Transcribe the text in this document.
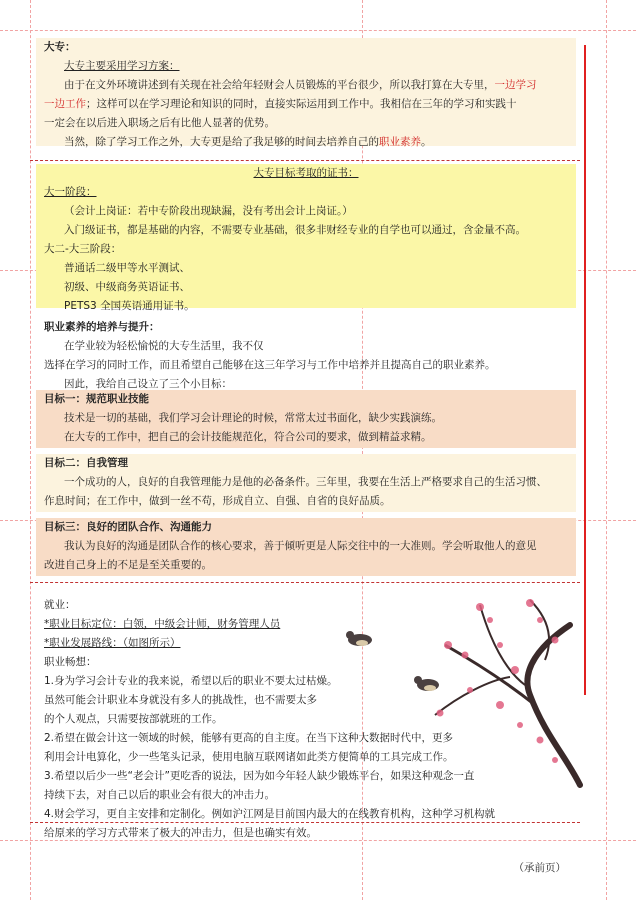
大专：
大专主要采用学习方案：
由于在文外环境讲述到有关现在社会给年轻财会人员锻炼的平台很少，所以我打算在大专里，一边学习
一边工作；这样可以在学习理论和知识的同时，直接实际运用到工作中。我相信在三年的学习和实践十
一定会在以后进入职场之后有比他人显著的优势。
当然，除了学习工作之外，大专更是给了我足够的时间去培养自己的职业素养。
大专目标考取的证书：
大一阶段：
（会计上岗证：若中专阶段出现缺漏，没有考出会计上岗证。）
入门级证书，都是基础的内容，不需要专业基础，很多非财经专业的自学也可以通过，含金量不高。
大二-大三阶段：
普通话二级甲等水平测试、
初级、中级商务英语证书、
PETS3 全国英语通用证书。
职业素养的培养与提升：
在学业较为轻松愉悦的大专生活里，我不仅
选择在学习的同时工作，而且希望自己能够在这三年学习与工作中培养并且提高自己的职业素养。
因此，我给自己设立了三个小目标：
目标一：规范职业技能
技术是一切的基础，我们学习会计理论的时候，常常太过书面化，缺少实践演练。
在大专的工作中，把自己的会计技能规范化，符合公司的要求，做到精益求精。
目标二：自我管理
一个成功的人，良好的自我管理能力是他的必备条件。三年里，我要在生活上严格要求自己的生活习惯、
作息时间；在工作中，做到一丝不苟，形成自立、自强、自省的良好品质。
目标三：良好的团队合作、沟通能力
我认为良好的沟通是团队合作的核心要求，善于倾听更是人际交往中的一大准则。学会听取他人的意见
改进自己身上的不足是至关重要的。
就业：
*职业目标定位：白领，中级会计师，财务管理人员
*职业发展路线：（如图所示）
职业畅想：
1.身为学习会计专业的我来说，希望以后的职业不要太过枯燥。
虽然可能会计职业本身就没有多人的挑战性，也不需要太多
的个人观点，只需要按部就班的工作。
2.希望在做会计这一领域的时候，能够有更高的自主度。在当下这种大数据时代中，更多
利用会计电算化，少一些笔头记录，使用电脑互联网诸如此类方便简单的工具完成工作。
3.希望以后少一些“老会计”更吃香的说法，因为如今年轻人缺少锻炼平台，如果这种观念一直
持续下去，对自己以后的职业会有很大的冲击力。
4.财会学习，更自主安排和定制化。例如沪江网是目前国内最大的在线教育机构，这种学习机构就
给原来的学习方式带来了极大的冲击力，但是也确实有效。
（承前页）
